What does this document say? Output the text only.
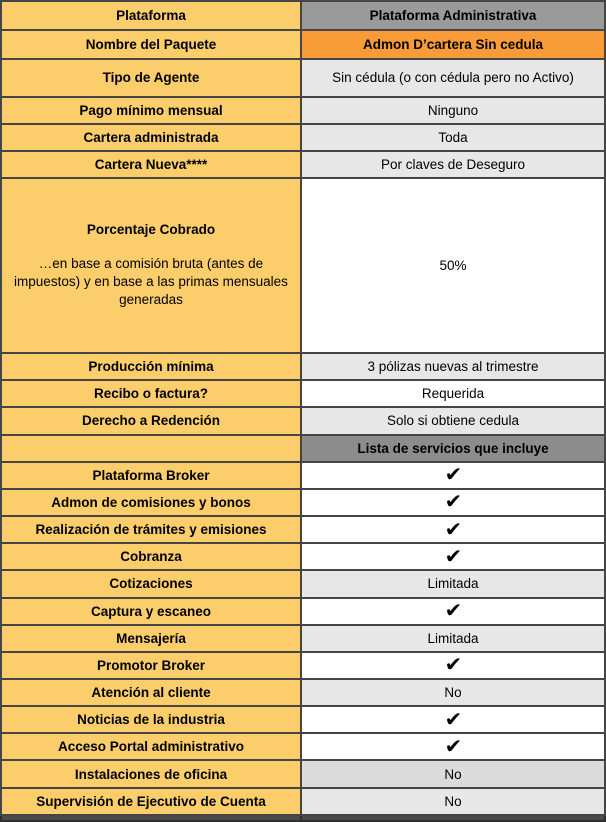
Plataforma	Plataforma Administrativa
Nombre del Paquete	Admon D’cartera Sin cedula
Tipo de Agente	Sin cédula (o con cédula pero no Activo)
Pago mínimo mensual	Ninguno
Cartera administrada	Toda
Cartera Nueva****	Por claves de Deseguro

Porcentaje Cobrado
…en base a comisión bruta (antes de impuestos) y en base a las primas mensuales generadas	50%
Producción mínima	3 pólizas nuevas al trimestre
Recibo o factura?	Requerida
Derecho a Redención	Solo si obtiene cedula
	Lista de servicios que incluye
Plataforma Broker	✔
Admon de comisiones y bonos	✔
Realización de trámites y emisiones	✔
Cobranza	✔
Cotizaciones	Limitada
Captura y escaneo	✔
Mensajería	Limitada
Promotor Broker	✔
Atención al cliente	No
Noticias de la industria	✔
Acceso Portal administrativo	✔
Instalaciones de oficina	No
Supervisión de Ejecutivo de Cuenta	No
